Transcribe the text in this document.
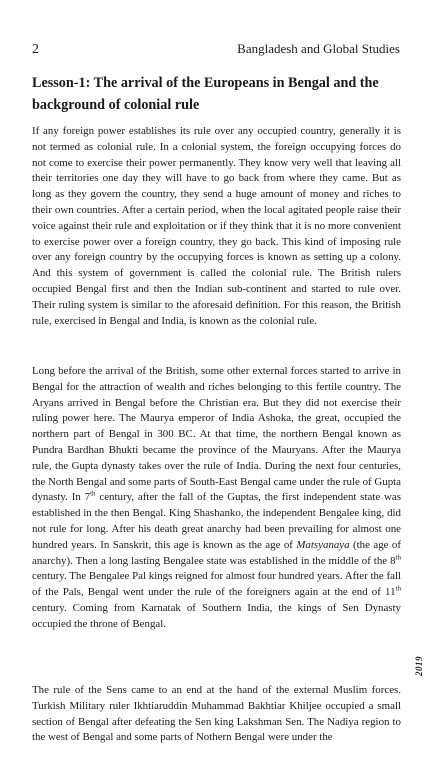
2	Bangladesh and Global Studies
Lesson-1: The arrival of the Europeans in Bengal and the background of colonial rule

If any foreign power establishes its rule over any occupied country, generally it is not termed as colonial rule. In a colonial system, the foreign occupying forces do not come to exercise their power permanently. They know very well that leaving all their territories one day they will have to go back from where they came. But as long as they govern the country, they send a huge amount of money and riches to their own countries. After a certain period, when the local agitated people raise their voice against their rule and exploitation or if they think that it is no more convenient to exercise power over a foreign country, they go back. This kind of imposing rule over any foreign country by the occupying forces is known as setting up a colony. And this system of government is called the colonial rule. The British rulers occupied Bengal first and then the Indian sub-continent and started to rule over. Their ruling system is similar to the aforesaid definition. For this reason, the British rule, exercised in Bengal and India, is known as the colonial rule.

Long before the arrival of the British, some other external forces started to arrive in Bengal for the attraction of wealth and riches belonging to this fertile country. The Aryans arrived in Bengal before the Christian era. But they did not exercise their ruling power here. The Maurya emperor of India Ashoka, the great, occupied the northern part of Bengal in 300 BC. At that time, the northern Bengal known as Pundra Bardhan Bhukti became the province of the Mauryans. After the Maurya rule, the Gupta dynasty takes over the rule of India. During the next four centuries, the North Bengal and some parts of South-East Bengal came under the rule of Gupta dynasty. In 7th century, after the fall of the Guptas, the first independent state was established in the then Bengal. King Shashanko, the independent Bengalee king, did not rule for long. After his death great anarchy had been prevailing for almost one hundred years. In Sanskrit, this age is known as the age of Matsyanaya (the age of anarchy). Then a long lasting Bengalee state was established in the middle of the 8th century. The Bengalee Pal kings reigned for almost four hundred years. After the fall of the Pals, Bengal went under the rule of the foreigners again at the end of 11th century. Coming from Karnatak of Southern India, the kings of Sen Dynasty occupied the throne of Bengal.

The rule of the Sens came to an end at the hand of the external Muslim forces. Turkish Military ruler Ikhtiaruddin Muhammad Bakhtiar Khiljee occupied a small section of Bengal after defeating the Sen king Lakshman Sen. The Nadiya region to the west of Bengal and some parts of Nothern Bengal were under the

2019
